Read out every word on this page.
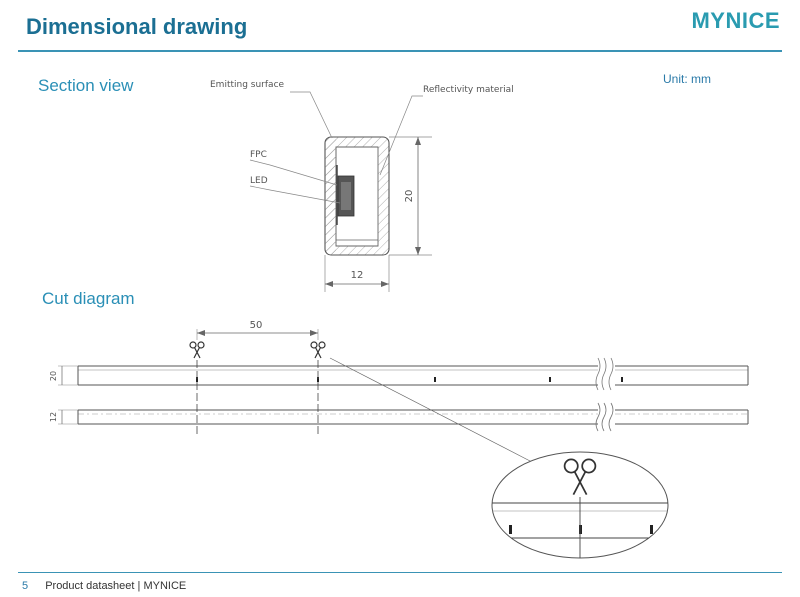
Dimensional drawing	MYNICE
Section view	Unit: mm
Cut diagram
20
12
Emitting surface	Reflectivity material
FPC
LED
20
12
50
5 Product datasheet | MYNICE
